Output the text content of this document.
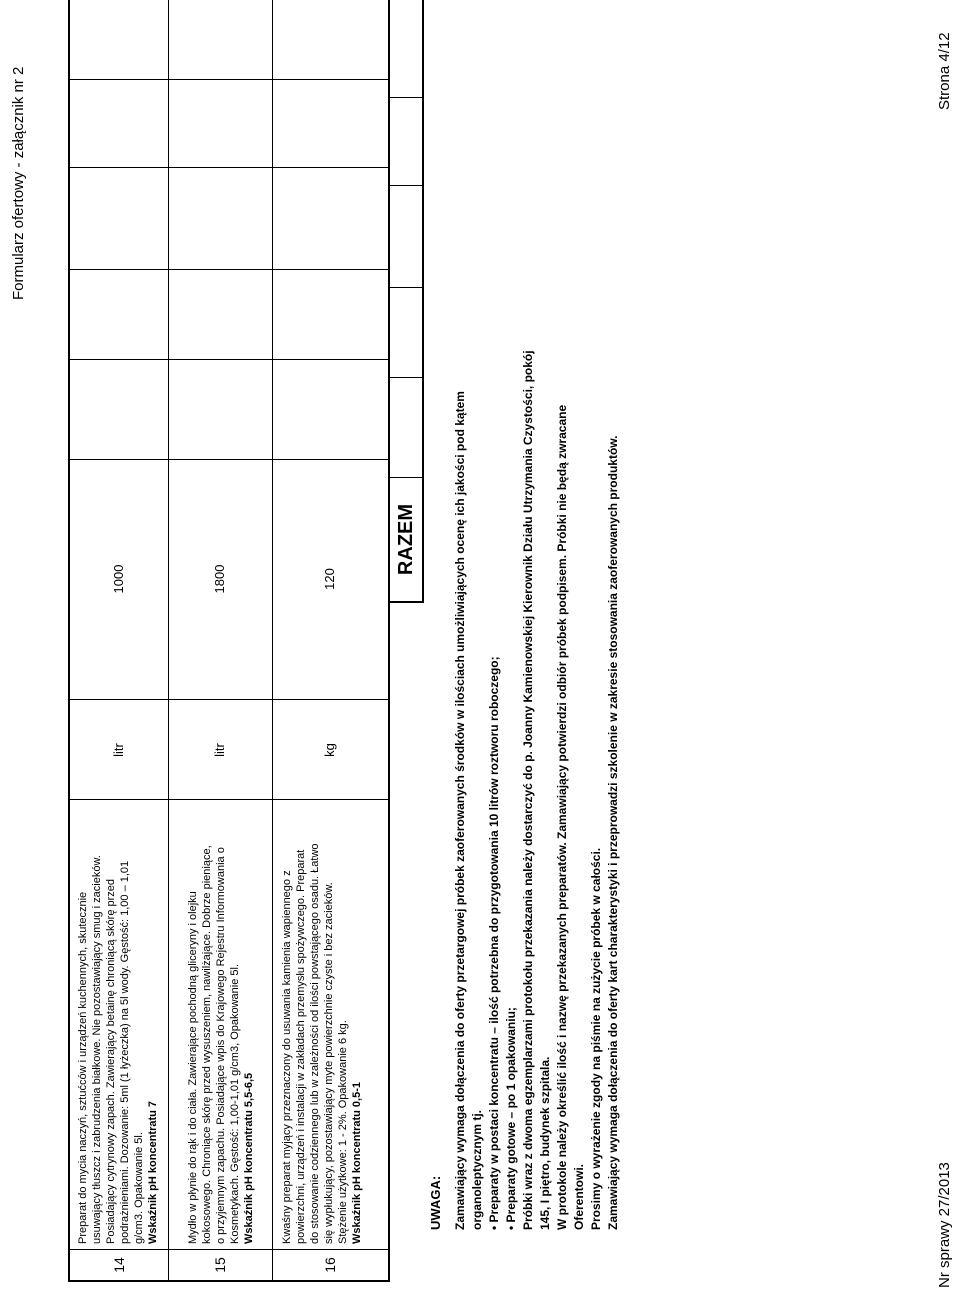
Formularz ofertowy - załącznik nr 2	Strona 4/12
Nr sprawy 27/2013
14

Preparat do mycia naczyń, sztućców i urządzeń kuchennych, skutecznie usuwający tłuszcz i zabrudzenia białkowe. Nie pozostawiający smug i zacieków. Posiadający cytrynowy zapach. Zawierający betainę chroniącą skórę przed podrażnieniami. Dozowanie: 5ml (1 łyżeczka) na 5l wody. Gęstość: 1,00 – 1,01 g/cm3. Opakowanie 5l. Wskaźnik pH koncentratu 7

litr
1000
15

Mydło w płynie do rąk i do ciała. Zawierające pochodną gliceryny i olejku kokosowego. Chroniące skórę przed wysuszeniem, nawilżające. Dobrze pieniące, o przyjemnym zapachu. Posiadające wpis do Krajowego Rejestru Informowania o Kosmetykach. Gęstość: 1,00-1,01 g/cm3, Opakowanie 5l. Wskaźnik pH koncentratu 5,5-6,5

litr
1800
16

Kwaśny preparat myjący przeznaczony do usuwania kamienia wapiennego z powierzchni, urządzeń i instalacji w zakładach przemysłu spożywczego. Preparat do stosowanie codziennego lub w zależności od ilości powstającego osadu. Łatwo się wypłukujący, pozostawiający myte powierzchnie czyste i bez zacieków. Stężenie użytkowe: 1 - 2%. Opakowanie 6 kg. Wskaźnik pH koncentratu 0,5-1

kg
120
RAZEM
UWAGA: Zamawiający wymaga dołączenia do oferty przetargowej próbek zaoferowanych środków w ilościach umożliwiających ocenę ich jakości pod kątem organoleptycznym tj. • Preparaty w postaci koncentratu – ilość potrzebna do przygotowania 10 litrów roztworu roboczego; • Preparaty gotowe – po 1 opakowaniu; Próbki wraz z dwoma egzemplarzami protokołu przekazania należy dostarczyć do p. Joanny Kamienowskiej Kierownik Działu Utrzymania Czystości, pokój 145, I piętro, budynek szpitala. W protokole należy określić ilość i nazwę przekazanych preparatów. Zamawiający potwierdzi odbiór próbek podpisem. Próbki nie będą zwracane Oferentowi. Prosimy o wyrażenie zgody na piśmie na zużycie próbek w całości. Zamawiający wymaga dołączenia do oferty kart charakterystyki i przeprowadzi szkolenie w zakresie stosowania zaoferowanych produktów.
